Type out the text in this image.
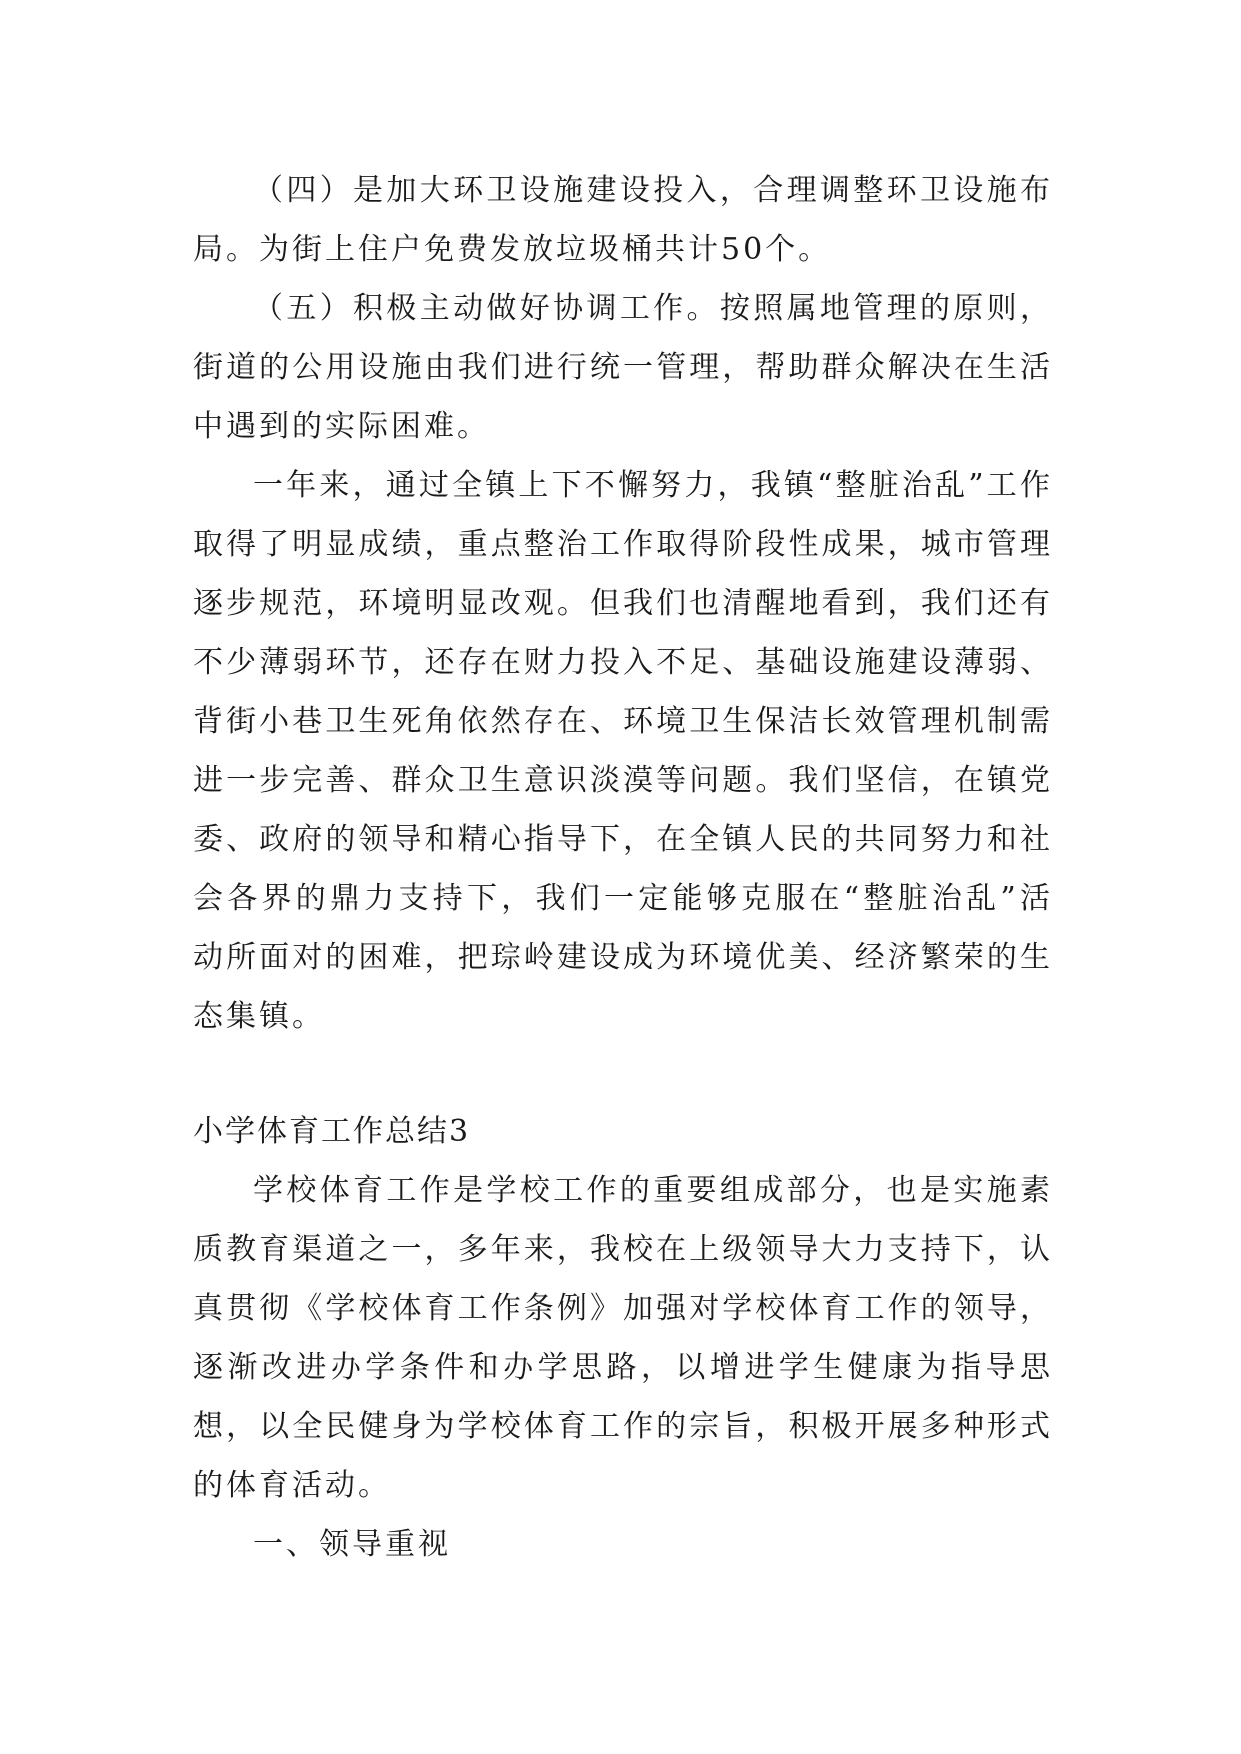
（四）是加大环卫设施建设投入，合理调整环卫设施布局。为街上住户免费发放垃圾桶共计50个。

（五）积极主动做好协调工作。按照属地管理的原则，街道的公用设施由我们进行统一管理，帮助群众解决在生活中遇到的实际困难。

一年来，通过全镇上下不懈努力，我镇“整脏治乱”工作取得了明显成绩，重点整治工作取得阶段性成果，城市管理逐步规范，环境明显改观。但我们也清醒地看到，我们还有不少薄弱环节，还存在财力投入不足、基础设施建设薄弱、背街小巷卫生死角依然存在、环境卫生保洁长效管理机制需进一步完善、群众卫生意识淡漠等问题。我们坚信，在镇党委、政府的领导和精心指导下，在全镇人民的共同努力和社会各界的鼎力支持下，我们一定能够克服在“整脏治乱”活动所面对的困难，把琮岭建设成为环境优美、经济繁荣的生态集镇。

小学体育工作总结3

学校体育工作是学校工作的重要组成部分，也是实施素质教育渠道之一，多年来，我校在上级领导大力支持下，认真贯彻《学校体育工作条例》加强对学校体育工作的领导，逐渐改进办学条件和办学思路，以增进学生健康为指导思想，以全民健身为学校体育工作的宗旨，积极开展多种形式的体育活动。

一、领导重视
